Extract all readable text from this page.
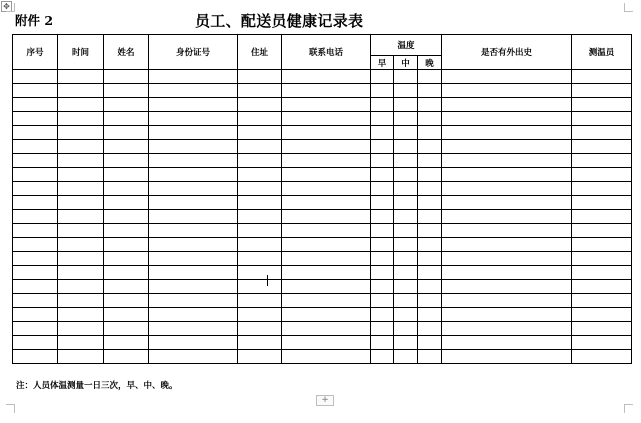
✥
附件 2	员工、配送员健康记录表
序号	时间	姓名	身份证号	住址	联系电话	温度			是否有外出史	测温员
						早	中	晚		

注：人员体温测量一日三次，早、中、晚。
+
